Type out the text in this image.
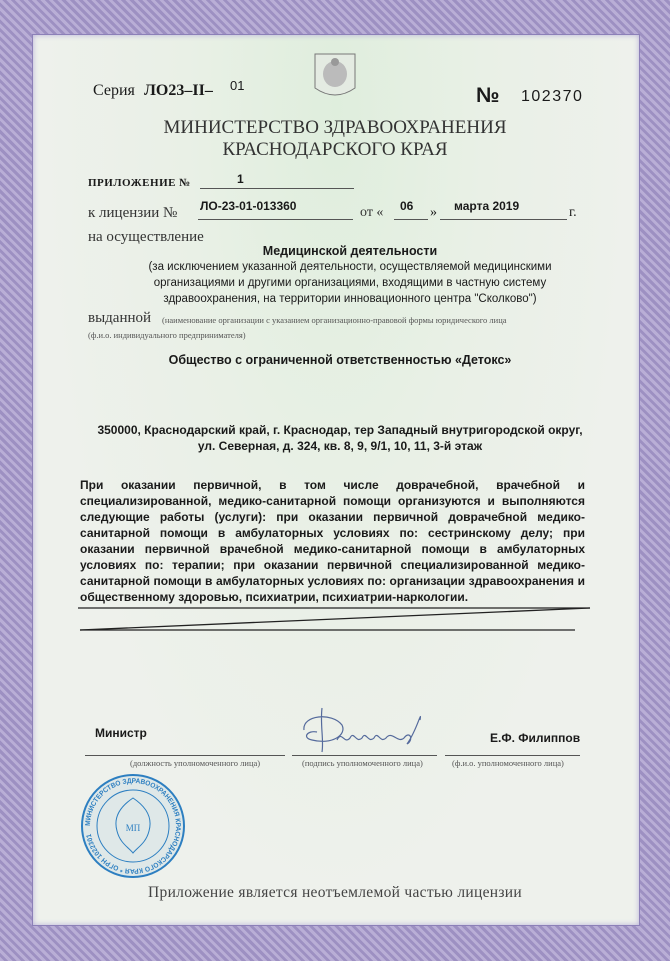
Серия ЛО23–II– 01	№ 102370
МИНИСТЕРСТВО ЗДРАВООХРАНЕНИЯ
КРАСНОДАРСКОГО КРАЯ
ПРИЛОЖЕНИЕ №	1
к лицензии № ЛО-23-01-013360	от « 06 » марта 2019	г.
на осуществление
Медицинской деятельности
(за исключением указанной деятельности, осуществляемой медицинскими
организациями и другими организациями, входящими в частную систему
здравоохранения, на территории инновационного центра "Сколково")
выданной (наименование организации с указанием организационно-правовой формы юридического лица
(ф.и.о. индивидуального предпринимателя)
Общество с ограниченной ответственностью «Детокс»
350000, Краснодарский край, г. Краснодар, тер Западный внутригородской округ,
ул. Северная, д. 324, кв. 8, 9, 9/1, 10, 11, 3-й этаж

При оказании первичной, в том числе доврачебной, врачебной и

специализированной, медико-санитарной помощи организуются и выполняются

следующие работы (услуги): при оказании первичной доврачебной медико-

санитарной помощи в амбулаторных условиях по: сестринскому делу; при

оказании первичной врачебной медико-санитарной помощи в амбулаторных

условиях по: терапии; при оказании первичной специализированной медико-

санитарной помощи в амбулаторных условиях по: организации здравоохранения и

общественному здоровью, психиатрии, психиатрии-наркологии.

Министр
(должность уполномоченного лица)	(подпись уполномоченного лица)
Е.Ф. Филиппов
(ф.и.о. уполномоченного лица)
МИНИСТЕРСТВО ЗДРАВООХРАНЕНИЯ КРАСНОДАРСКОГО КРАЯ * ОГРН 1022301
МП
Приложение является неотъемлемой частью лицензии
